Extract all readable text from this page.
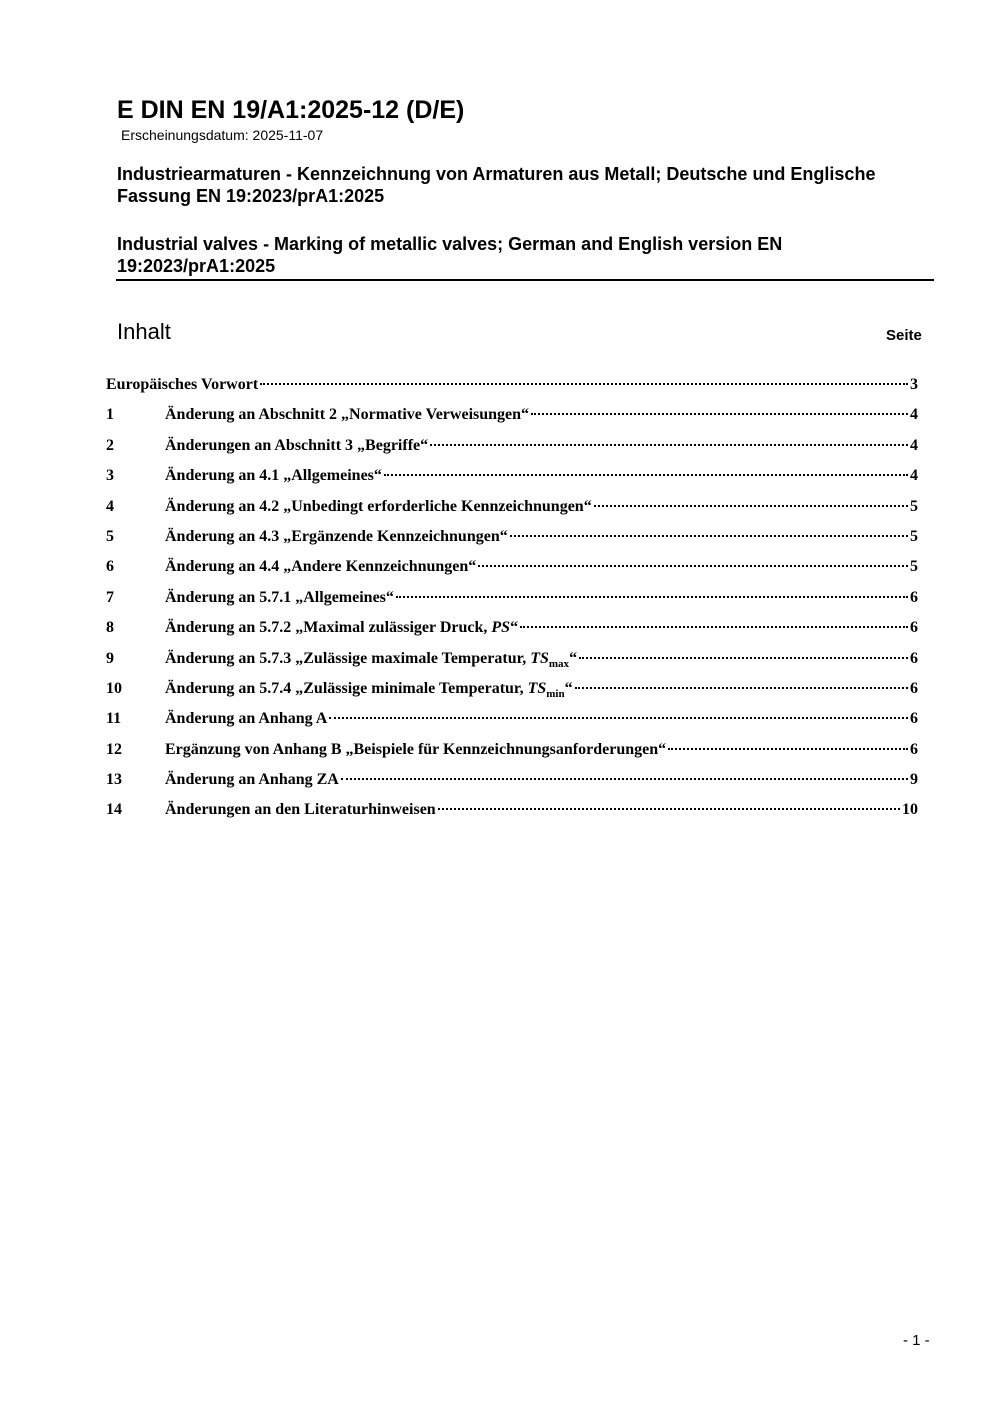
E DIN EN 19/A1:2025-12 (D/E)
Erscheinungsdatum: 2025-11-07
Industriearmaturen - Kennzeichnung von Armaturen aus Metall; Deutsche und Englische Fassung EN 19:2023/prA1:2025
Industrial valves - Marking of metallic valves; German and English version EN 19:2023/prA1:2025
Inhalt	Seite
Europäisches Vorwort	3
1	Änderung an Abschnitt 2 „Normative Verweisungen“	4
2	Änderungen an Abschnitt 3 „Begriffe“	4
3	Änderung an 4.1 „Allgemeines“	4
4	Änderung an 4.2 „Unbedingt erforderliche Kennzeichnungen“	5
5	Änderung an 4.3 „Ergänzende Kennzeichnungen“	5
6	Änderung an 4.4 „Andere Kennzeichnungen“	5
7	Änderung an 5.7.1 „Allgemeines“	6
8	Änderung an 5.7.2 „Maximal zulässiger Druck, PS“	6
9	Änderung an 5.7.3 „Zulässige maximale Temperatur, $TS_{max}“$	6
10	Änderung an 5.7.4 „Zulässige minimale Temperatur, $TS_{min}“$	6
11	Änderung an Anhang A	6
12	Ergänzung von Anhang B „Beispiele für Kennzeichnungsanforderungen“	6
13	Änderung an Anhang ZA	9
14	Änderungen an den Literaturhinweisen	10
- 1 -
